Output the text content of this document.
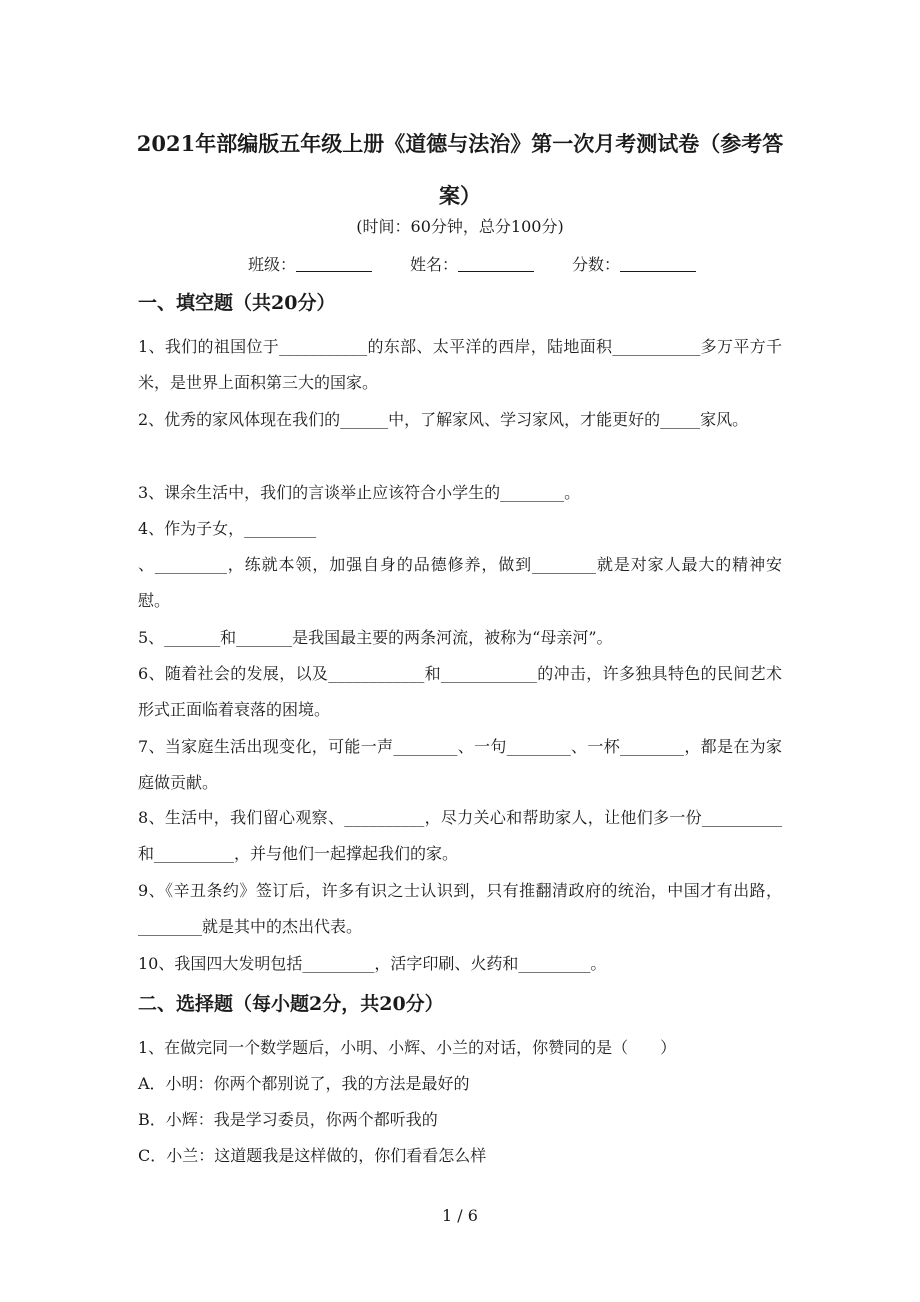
2021年部编版五年级上册《道德与法治》第一次月考测试卷（参考答案）
(时间：60分钟，总分100分)
班级：	姓名：	分数：
一、填空题（共20分）
1、我们的祖国位于___________的东部、太平洋的西岸，陆地面积___________多万平方千米，是世界上面积第三大的国家。
2、优秀的家风体现在我们的______中，了解家风、学习家风，才能更好的_____家风。
3、课余生活中，我们的言谈举止应该符合小学生的________。
4、作为子女，_________
、_________，练就本领，加强自身的品德修养，做到________就是对家人最大的精神安慰。
5、_______和_______是我国最主要的两条河流，被称为“母亲河”。
6、随着社会的发展，以及____________和____________的冲击，许多独具特色的民间艺术形式正面临着衰落的困境。
7、当家庭生活出现变化，可能一声________、一句________、一杯________，都是在为家庭做贡献。
8、生活中，我们留心观察、__________，尽力关心和帮助家人，让他们多一份__________和__________，并与他们一起撑起我们的家。
9、《辛丑条约》签订后，许多有识之士认识到，只有推翻清政府的统治，中国才有出路，________就是其中的杰出代表。
10、我国四大发明包括_________，活字印刷、火药和_________。
二、选择题（每小题2分，共20分）
1、在做完同一个数学题后，小明、小辉、小兰的对话，你赞同的是（　　）
A．小明：你两个都别说了，我的方法是最好的
B．小辉：我是学习委员，你两个都听我的
C．小兰：这道题我是这样做的，你们看看怎么样
1 / 6
